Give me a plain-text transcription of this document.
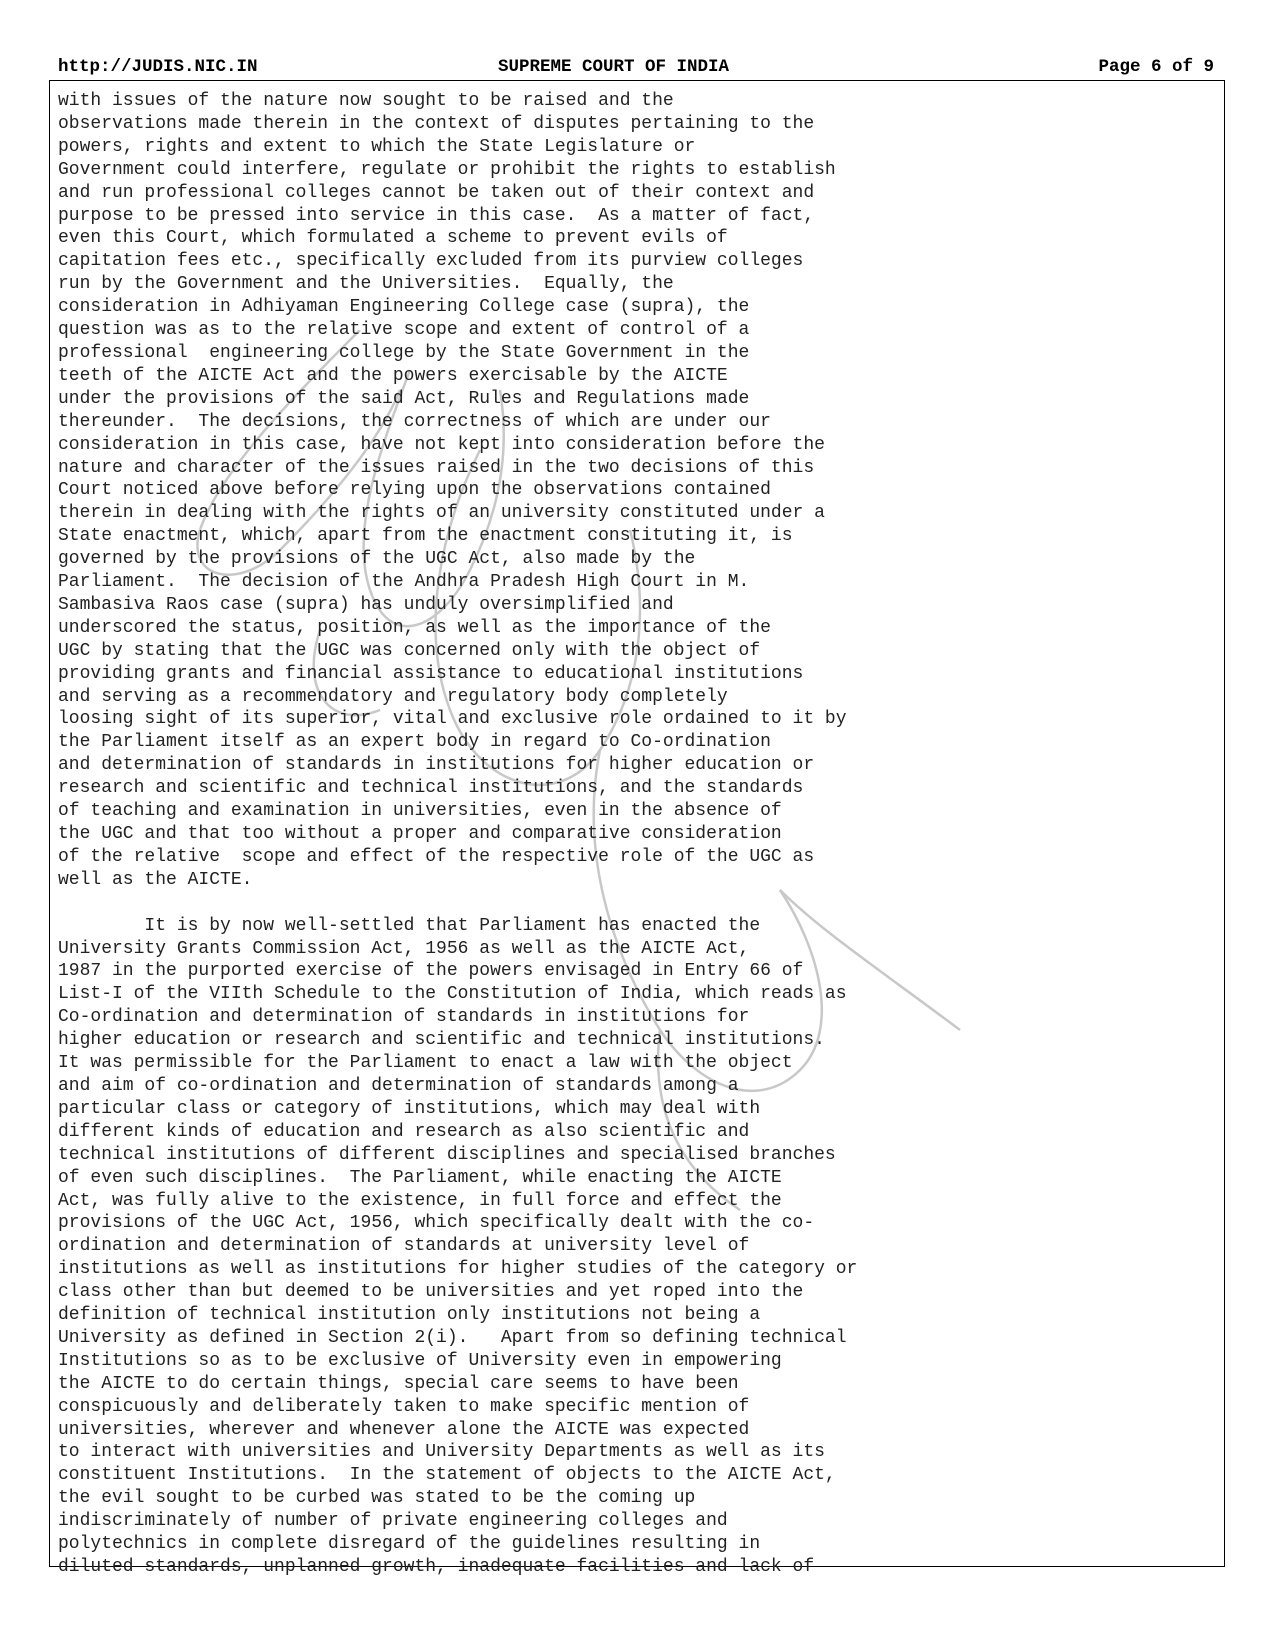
http://JUDIS.NIC.IN	SUPREME COURT OF INDIA	Page 6 of 9
with issues of the nature now sought to be raised and the
observations made therein in the context of disputes pertaining to the
powers, rights and extent to which the State Legislature or
Government could interfere, regulate or prohibit the rights to establish
and run professional colleges cannot be taken out of their context and
purpose to be pressed into service in this case.  As a matter of fact,
even this Court, which formulated a scheme to prevent evils of
capitation fees etc., specifically excluded from its purview colleges
run by the Government and the Universities.  Equally, the
consideration in Adhiyaman Engineering College case (supra), the
question was as to the relative scope and extent of control of a
professional  engineering college by the State Government in the
teeth of the AICTE Act and the powers exercisable by the AICTE
under the provisions of the said Act, Rules and Regulations made
thereunder.  The decisions, the correctness of which are under our
consideration in this case, have not kept into consideration before the
nature and character of the issues raised in the two decisions of this
Court noticed above before relying upon the observations contained
therein in dealing with the rights of an university constituted under a
State enactment, which, apart from the enactment constituting it, is
governed by the provisions of the UGC Act, also made by the
Parliament.  The decision of the Andhra Pradesh High Court in M.
Sambasiva Raos case (supra) has unduly oversimplified and
underscored the status, position, as well as the importance of the
UGC by stating that the UGC was concerned only with the object of
providing grants and financial assistance to educational institutions
and serving as a recommendatory and regulatory body completely
loosing sight of its superior, vital and exclusive role ordained to it by
the Parliament itself as an expert body in regard to Co-ordination
and determination of standards in institutions for higher education or
research and scientific and technical institutions, and the standards
of teaching and examination in universities, even in the absence of
the UGC and that too without a proper and comparative consideration
of the relative  scope and effect of the respective role of the UGC as
well as the AICTE.
It is by now well-settled that Parliament has enacted the
University Grants Commission Act, 1956 as well as the AICTE Act,
1987 in the purported exercise of the powers envisaged in Entry 66 of
List-I of the VIIth Schedule to the Constitution of India, which reads as
Co-ordination and determination of standards in institutions for
higher education or research and scientific and technical institutions.
It was permissible for the Parliament to enact a law with the object
and aim of co-ordination and determination of standards among a
particular class or category of institutions, which may deal with
different kinds of education and research as also scientific and
technical institutions of different disciplines and specialised branches
of even such disciplines.  The Parliament, while enacting the AICTE
Act, was fully alive to the existence, in full force and effect the
provisions of the UGC Act, 1956, which specifically dealt with the co-
ordination and determination of standards at university level of
institutions as well as institutions for higher studies of the category or
class other than but deemed to be universities and yet roped into the
definition of technical institution only institutions not being a
University as defined in Section 2(i).   Apart from so defining technical
Institutions so as to be exclusive of University even in empowering
the AICTE to do certain things, special care seems to have been
conspicuously and deliberately taken to make specific mention of
universities, wherever and whenever alone the AICTE was expected
to interact with universities and University Departments as well as its
constituent Institutions.  In the statement of objects to the AICTE Act,
the evil sought to be curbed was stated to be the coming up
indiscriminately of number of private engineering colleges and
polytechnics in complete disregard of the guidelines resulting in
diluted standards, unplanned growth, inadequate facilities and lack of
